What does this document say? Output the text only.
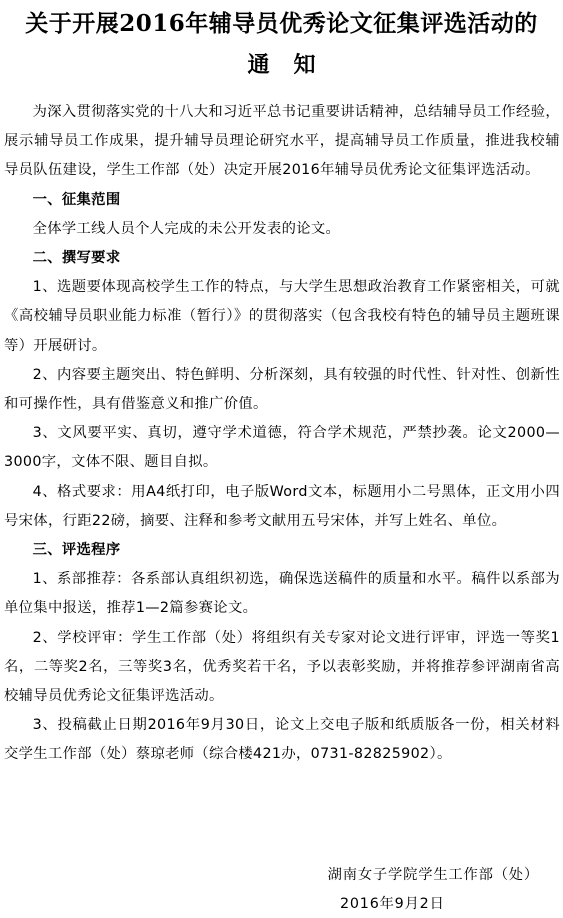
关于开展2016年辅导员优秀论文征集评选活动的
通知

为深入贯彻落实党的十八大和习近平总书记重要讲话精神，总结辅导员工作经验，展示辅导员工作成果，提升辅导员理论研究水平，提高辅导员工作质量，推进我校辅导员队伍建设，学生工作部（处）决定开展2016年辅导员优秀论文征集评选活动。

一、征集范围

全体学工线人员个人完成的未公开发表的论文。

二、撰写要求

1、选题要体现高校学生工作的特点，与大学生思想政治教育工作紧密相关，可就《高校辅导员职业能力标准（暂行）》的贯彻落实（包含我校有特色的辅导员主题班课等）开展研讨。

2、内容要主题突出、特色鲜明、分析深刻，具有较强的时代性、针对性、创新性和可操作性，具有借鉴意义和推广价值。

3、文风要平实、真切，遵守学术道德，符合学术规范，严禁抄袭。论文2000—3000字，文体不限、题目自拟。

4、格式要求：用A4纸打印，电子版Word文本，标题用小二号黑体，正文用小四号宋体，行距22磅，摘要、注释和参考文献用五号宋体，并写上姓名、单位。

三、评选程序

1、系部推荐：各系部认真组织初选，确保选送稿件的质量和水平。稿件以系部为单位集中报送，推荐1—2篇参赛论文。

2、学校评审：学生工作部（处）将组织有关专家对论文进行评审，评选一等奖1名，二等奖2名，三等奖3名，优秀奖若干名，予以表彰奖励，并将推荐参评湖南省高校辅导员优秀论文征集评选活动。

3、投稿截止日期2016年9月30日，论文上交电子版和纸质版各一份，相关材料交学生工作部（处）蔡琼老师（综合楼421办，0731-82825902）。

湖南女子学院学生工作部（处）
2016年9月2日
